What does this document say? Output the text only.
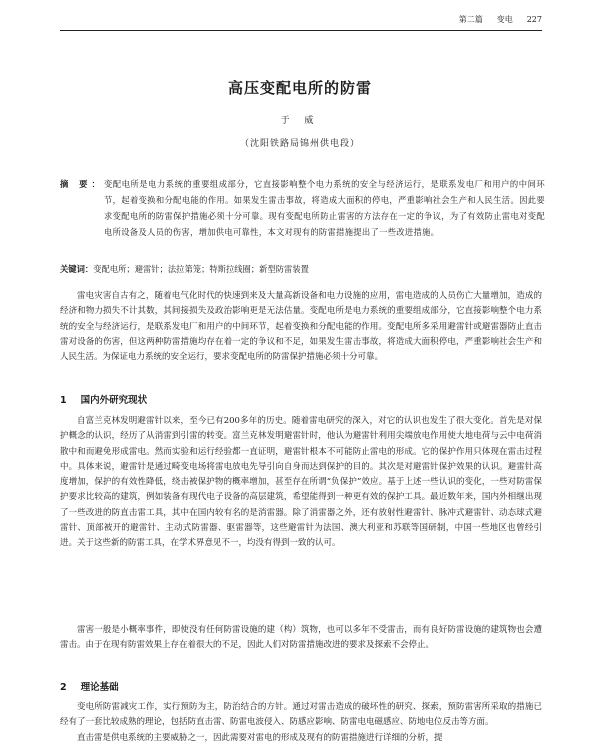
第二篇 变电 227
高压变配电所的防雷
于 威
（沈阳铁路局锦州供电段）
摘 要： 变配电所是电力系统的重要组成部分，它直接影响整个电力系统的安全与经济运行，是联系发电厂和用户的中间环节，起着变换和分配电能的作用。如果发生雷击事故，将造成大面积的停电，严重影响社会生产和人民生活。因此要求变配电所的防雷保护措施必须十分可靠。现有变配电所防止雷害的方法存在一定的争议，为了有效防止雷电对变配电所设备及人员的伤害，增加供电可靠性，本文对现有的防雷措施提出了一些改进措施。
关键词：变配电所；避雷针；法拉第笼；特斯拉线圈；新型防雷装置
雷电灾害自古有之，随着电气化时代的快速到来及大量高新设备和电力设施的应用，雷电造成的人员伤亡大量增加，造成的经济和物力损失不计其数，其间接损失及政治影响更是无法估量。变配电所是电力系统的重要组成部分，它直接影响整个电力系统的安全与经济运行，是联系发电厂和用户的中间环节，起着变换和分配电能的作用。变配电所多采用避雷针或避雷器防止直击雷对设备的伤害，但这两种防雷措施均存在着一定的争议和不足，如果发生雷击事故，将造成大面积停电，严重影响社会生产和人民生活。为保证电力系统的安全运行，要求变配电所的防雷保护措施必须十分可靠。
1 国内外研究现状
自富兰克林发明避雷针以来，至今已有200多年的历史。随着雷电研究的深入，对它的认识也发生了很大变化。首先是对保护概念的认识，经历了从消雷到引雷的转变。富兰克林发明避雷针时，他认为避雷针利用尖端放电作用使大地电荷与云中电荷消散中和而避免形成雷电。然而实验和运行经验都一直证明，避雷针根本不可能防止雷电的形成。它的保护作用只体现在雷击过程中。具体来说，避雷针是通过畸变电场将雷电放电先导引向自身而达到保护的目的。其次是对避雷针保护效果的认识。避雷针高度增加，保护的有效性降低，绕击被保护物的概率增加，甚至存在所谓“负保护”效应。基于上述一些认识的变化，一些对防雷保护要求比较高的建筑，例如装备有现代电子设备的高层建筑，希望能得到一种更有效的保护工具。最近数年来，国内外相继出现了一些改进的防直击雷工具，其中在国内较有名的是消雷器。除了消雷器之外，还有放射性避雷针、脉冲式避雷针、动态球式避雷针、顶部被开的避雷针、主动式防雷器、驱雷器等，这些避雷针为法国、澳大利亚和苏联等国研制，中国一些地区也曾经引进。关于这些新的防雷工具，在学术界意见不一，均没有得到一致的认可。
雷害一般是小概率事件，即使没有任何防雷设施的建（构）筑物，也可以多年不受雷击，而有良好防雷设施的建筑物也会遭雷击。由于在现有防雷效果上存在着很大的不足，因此人们对防雷措施改进的要求及探索不会停止。
2 理论基础
变电所防雷减灾工作，实行预防为主，防治结合的方针。通过对雷击造成的破坏性的研究、探索，预防雷害所采取的措施已经有了一套比较成熟的理论，包括防直击雷、防雷电波侵入、防感应影响、防雷电电磁感应、防地电位反击等方面。
直击雷是供电系统的主要威胁之一，因此需要对雷电的形成及现有的防雷措施进行详细的分析，提
